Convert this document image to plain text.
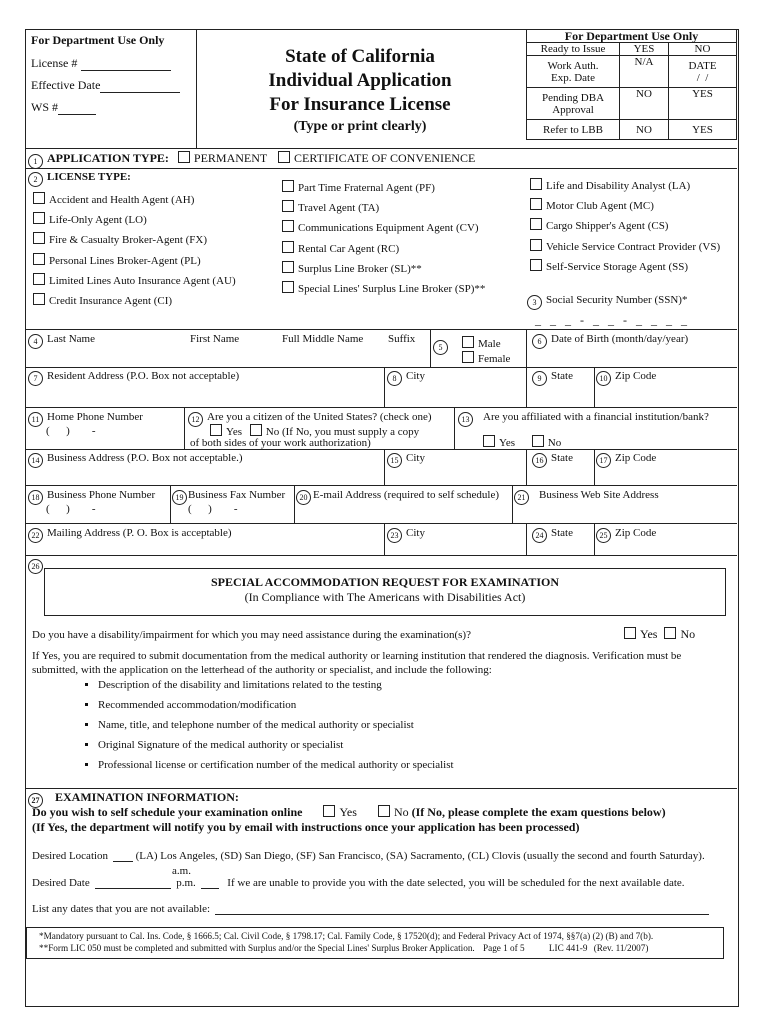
For Department Use Only
License #
Effective Date
WS #
State of California
Individual Application
For Insurance License
(Type or print clearly)
For Department Use Only		
Ready to Issue	YES	NO
Work Auth.
Exp. Date	N/A	DATE
/  /
Pending DBA
Approval	NO	YES
Refer to LBB	NO	YES
1 APPLICATION TYPE: PERMANENT CERTIFICATE OF CONVENIENCE
2 LICENSE TYPE:
Accident and Health Agent (AH)
Life-Only Agent (LO)
Fire & Casualty Broker-Agent (FX)
Personal Lines Broker-Agent (PL)
Limited Lines Auto Insurance Agent (AU)
Credit Insurance Agent (CI)
Part Time Fraternal Agent (PF)
Travel Agent (TA)
Communications Equipment Agent (CV)
Rental Car Agent (RC)
Surplus Line Broker (SL)**
Special Lines' Surplus Line Broker (SP)**
Life and Disability Analyst (LA)
Motor Club Agent (MC)
Cargo Shipper's Agent (CS)
Vehicle Service Contract Provider (VS)
Self-Service Storage Agent (SS)
3 Social Security Number (SSN)*
_ _ _ - _ _ - _ _ _ _
4 Last Name	First Name	Full Middle Name Suffix
5	Male
Female
6 Date of Birth (month/day/year)
7 Resident Address (P.O. Box not acceptable)	8 City	9 State	10 Zip Code
11 Home Phone Number
(      )        -
12 Are you a citizen of the United States? (check one)
Yes No (If No, you must supply a copy
of both sides of your work authorization)
13 Are you affiliated with a financial institution/bank?
Yes	No
14 Business Address (P.O. Box not acceptable.)	15 City	16 State	17 Zip Code
18 Business Phone Number
(      )        -
19 Business Fax Number
(      )        -
20 E-mail Address (required to self schedule)	21 Business Web Site Address
22 Mailing Address (P. O. Box is acceptable)	23 City	24 State	25 Zip Code
26
SPECIAL ACCOMMODATION REQUEST FOR EXAMINATION
(In Compliance with The Americans with Disabilities Act)
Do you have a disability/impairment for which you may need assistance during the examination(s)?	Yes No
If Yes, you are required to submit documentation from the medical authority or learning institution that rendered the diagnosis. Verification must be submitted, with the application on the letterhead of the authority or specialist, and include the following:
▪ Description of the disability and limitations related to the testing
▪ Recommended accommodation/modification
▪ Name, title, and telephone number of the medical authority or specialist
▪ Original Signature of the medical authority or specialist
▪ Professional license or certification number of the medical authority or specialist
27 EXAMINATION INFORMATION:
Do you wish to self schedule your examination online	Yes	No (If No, please complete the exam questions below)
(If Yes, the department will notify you by email with instructions once your application has been processed)
Desired Location	(LA) Los Angeles, (SD) San Diego, (SF) San Francisco, (SA) Sacramento, (CL) Clovis (usually the second and fourth Saturday).
a.m.
Desired Date	p.m.	If we are unable to provide you with the date selected, you will be scheduled for the next available date.
List any dates that you are not available:
*Mandatory pursuant to Cal. Ins. Code, § 1666.5; Cal. Civil Code, § 1798.17; Cal. Family Code, § 17520(d); and Federal Privacy Act of 1974, §§7(a) (2) (B) and 7(b).
**Form LIC 050 must be completed and submitted with Surplus and/or the Special Lines' Surplus Broker Application. Page 1 of 5	LIC 441-9 (Rev. 11/2007)
